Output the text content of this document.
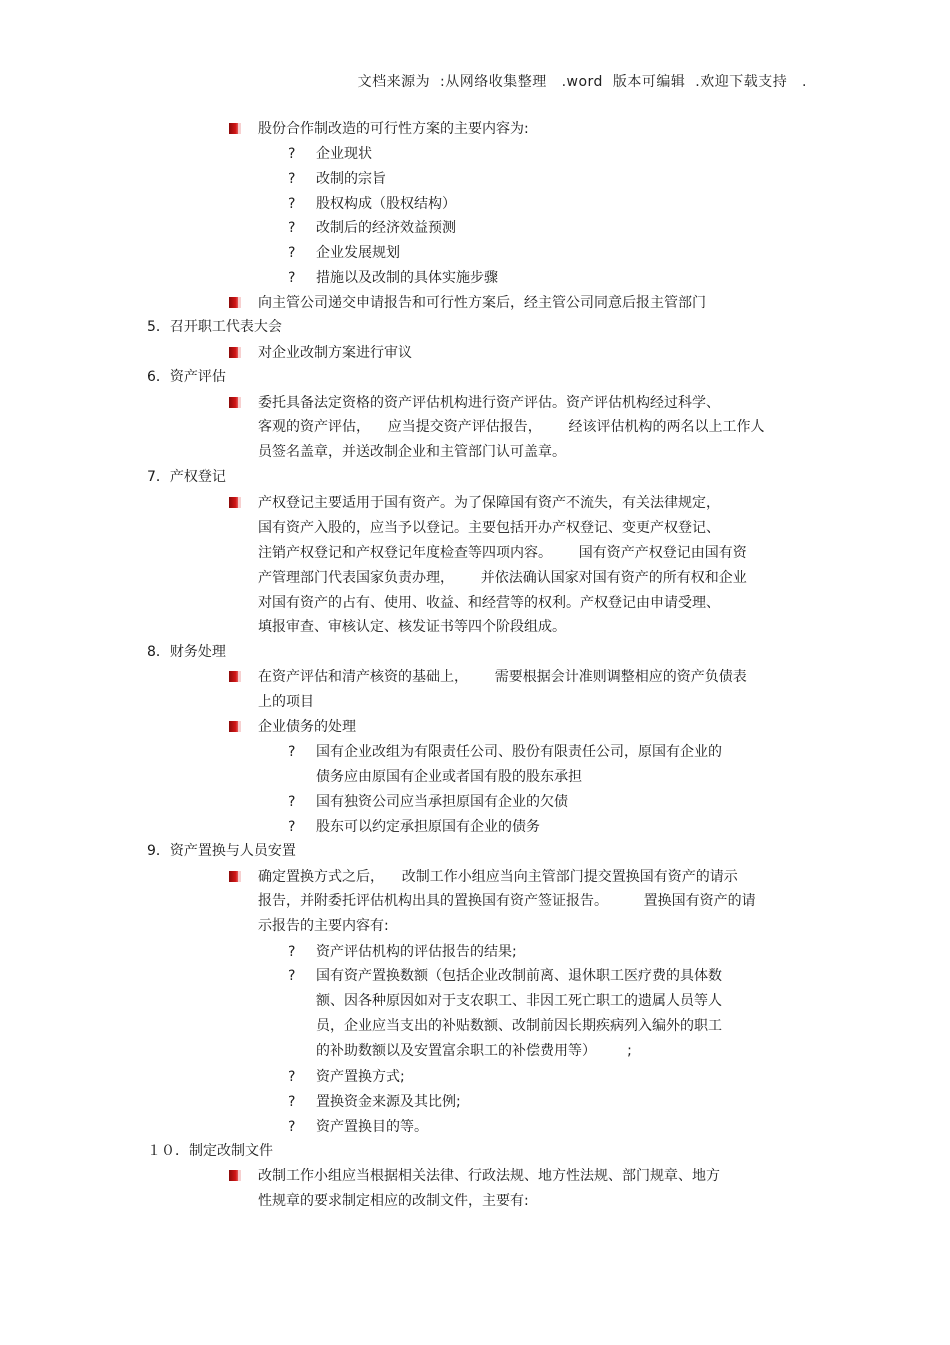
文档来源为  :从网络收集整理   .word  版本可编辑  .欢迎下载支持   .
股份合作制改造的可行性方案的主要内容为:
? 企业现状
? 改制的宗旨
? 股权构成（股权结构）
? 改制后的经济效益预测
? 企业发展规划
? 措施以及改制的具体实施步骤
向主管公司递交申请报告和可行性方案后，经主管公司同意后报主管部门
5．召开职工代表大会
对企业改制方案进行审议
6．资产评估
委托具备法定资格的资产评估机构进行资产评估。资产评估机构经过科学、
客观的资产评估，    应当提交资产评估报告，      经该评估机构的两名以上工作人
员签名盖章，并送改制企业和主管部门认可盖章。
7．产权登记
产权登记主要适用于国有资产。为了保障国有资产不流失，有关法律规定，
国有资产入股的，应当予以登记。主要包括开办产权登记、变更产权登记、
注销产权登记和产权登记年度检查等四项内容。      国有资产产权登记由国有资
产管理部门代表国家负责办理，      并依法确认国家对国有资产的所有权和企业
对国有资产的占有、使用、收益、和经营等的权利。产权登记由申请受理、
填报审查、审核认定、核发证书等四个阶段组成。
8．财务处理
在资产评估和清产核资的基础上，      需要根据会计准则调整相应的资产负债表
上的项目
企业债务的处理
? 国有企业改组为有限责任公司、股份有限责任公司，原国有企业的
债务应由原国有企业或者国有股的股东承担
? 国有独资公司应当承担原国有企业的欠债
? 股东可以约定承担原国有企业的债务
9．资产置换与人员安置
确定置换方式之后，    改制工作小组应当向主管部门提交置换国有资产的请示
报告，并附委托评估机构出具的置换国有资产签证报告。        置换国有资产的请
示报告的主要内容有:
? 资产评估机构的评估报告的结果;
? 国有资产置换数额（包括企业改制前离、退休职工医疗费的具体数
额、因各种原因如对于支农职工、非因工死亡职工的遗属人员等人
员，企业应当支出的补贴数额、改制前因长期疾病列入编外的职工
的补助数额以及安置富余职工的补偿费用等）       ;
? 资产置换方式;
? 置换资金来源及其比例;
? 资产置换目的等。
１０．制定改制文件
改制工作小组应当根据相关法律、行政法规、地方性法规、部门规章、地方
性规章的要求制定相应的改制文件，主要有:
